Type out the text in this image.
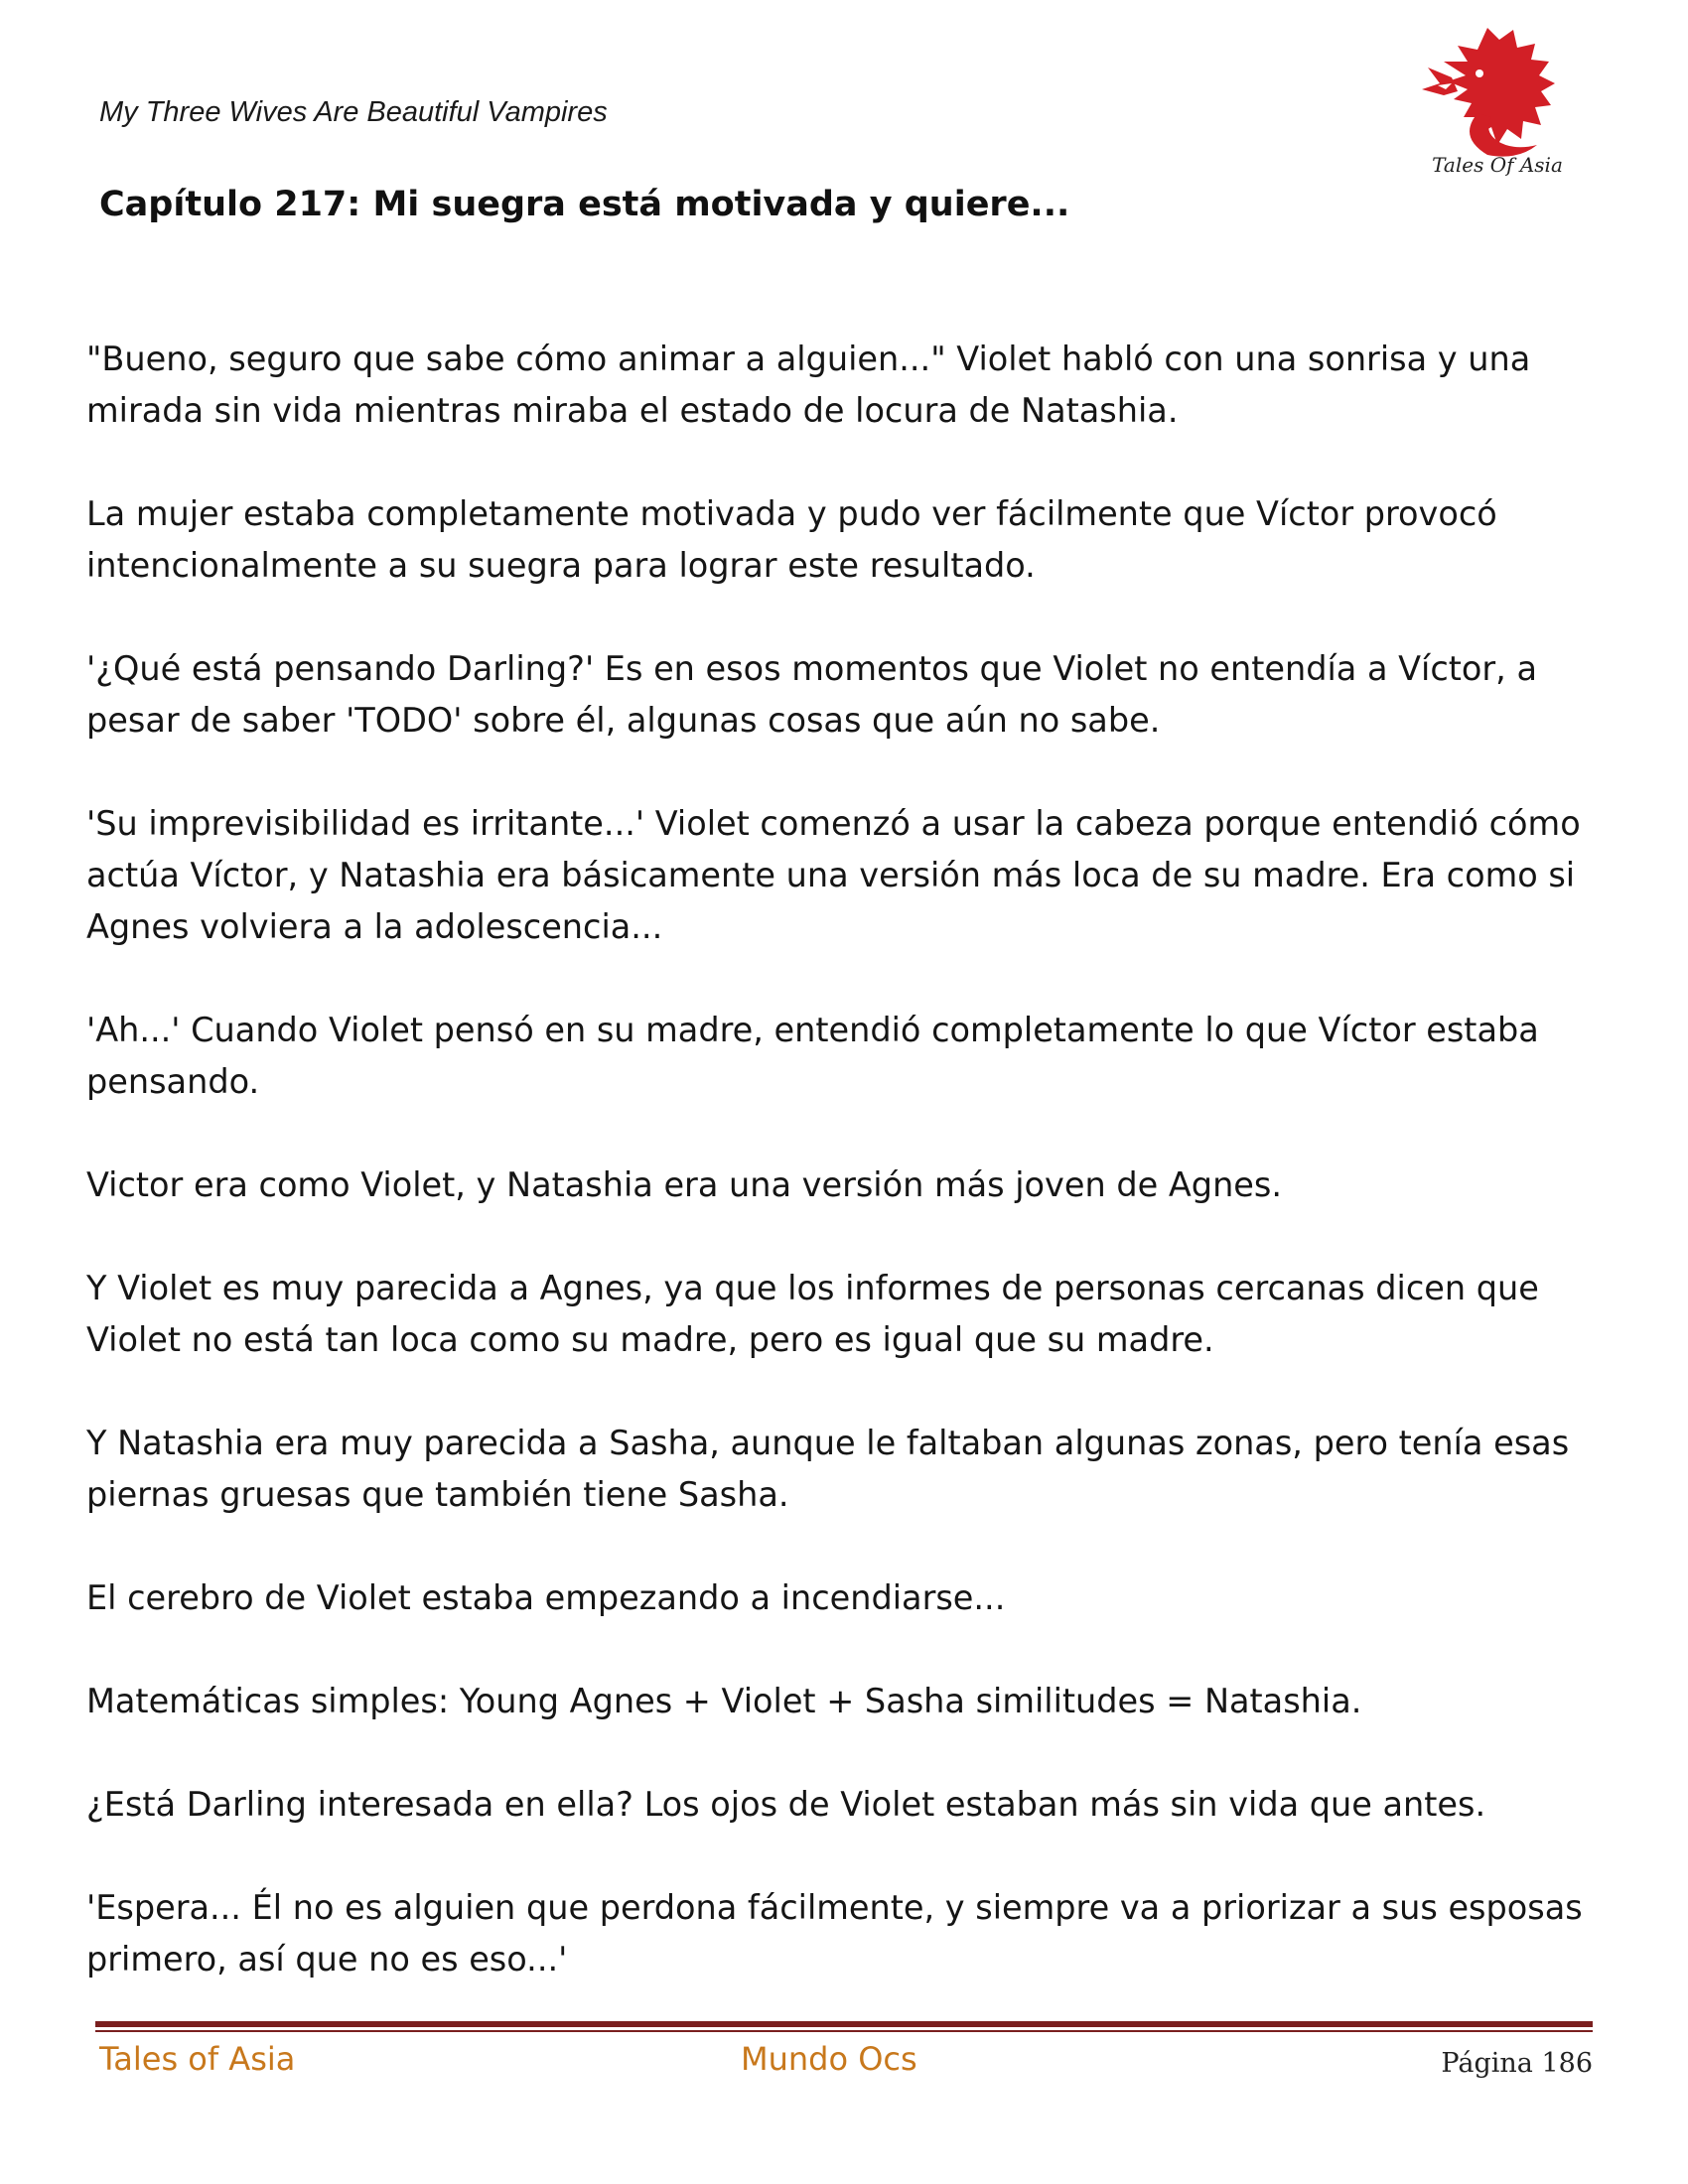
My Three Wives Are Beautiful Vampires
Tales Of Asia
Capítulo 217: Mi suegra está motivada y quiere...

"Bueno, seguro que sabe cómo animar a alguien..." Violet habló con una sonrisa y una mirada sin vida mientras miraba el estado de locura de Natashia.

La mujer estaba completamente motivada y pudo ver fácilmente que Víctor provocó intencionalmente a su suegra para lograr este resultado.

'¿Qué está pensando Darling?' Es en esos momentos que Violet no entendía a Víctor, a pesar de saber 'TODO' sobre él, algunas cosas que aún no sabe.

'Su imprevisibilidad es irritante...' Violet comenzó a usar la cabeza porque entendió cómo actúa Víctor, y Natashia era básicamente una versión más loca de su madre. Era como si Agnes volviera a la adolescencia...

'Ah...' Cuando Violet pensó en su madre, entendió completamente lo que Víctor estaba pensando.

Victor era como Violet, y Natashia era una versión más joven de Agnes.

Y Violet es muy parecida a Agnes, ya que los informes de personas cercanas dicen que Violet no está tan loca como su madre, pero es igual que su madre.

Y Natashia era muy parecida a Sasha, aunque le faltaban algunas zonas, pero tenía esas piernas gruesas que también tiene Sasha.

El cerebro de Violet estaba empezando a incendiarse...

Matemáticas simples: Young Agnes + Violet + Sasha similitudes = Natashia.

¿Está Darling interesada en ella? Los ojos de Violet estaban más sin vida que antes.

'Espera... Él no es alguien que perdona fácilmente, y siempre va a priorizar a sus esposas primero, así que no es eso...'

Tales of Asia	Mundo Ocs	Página 186
